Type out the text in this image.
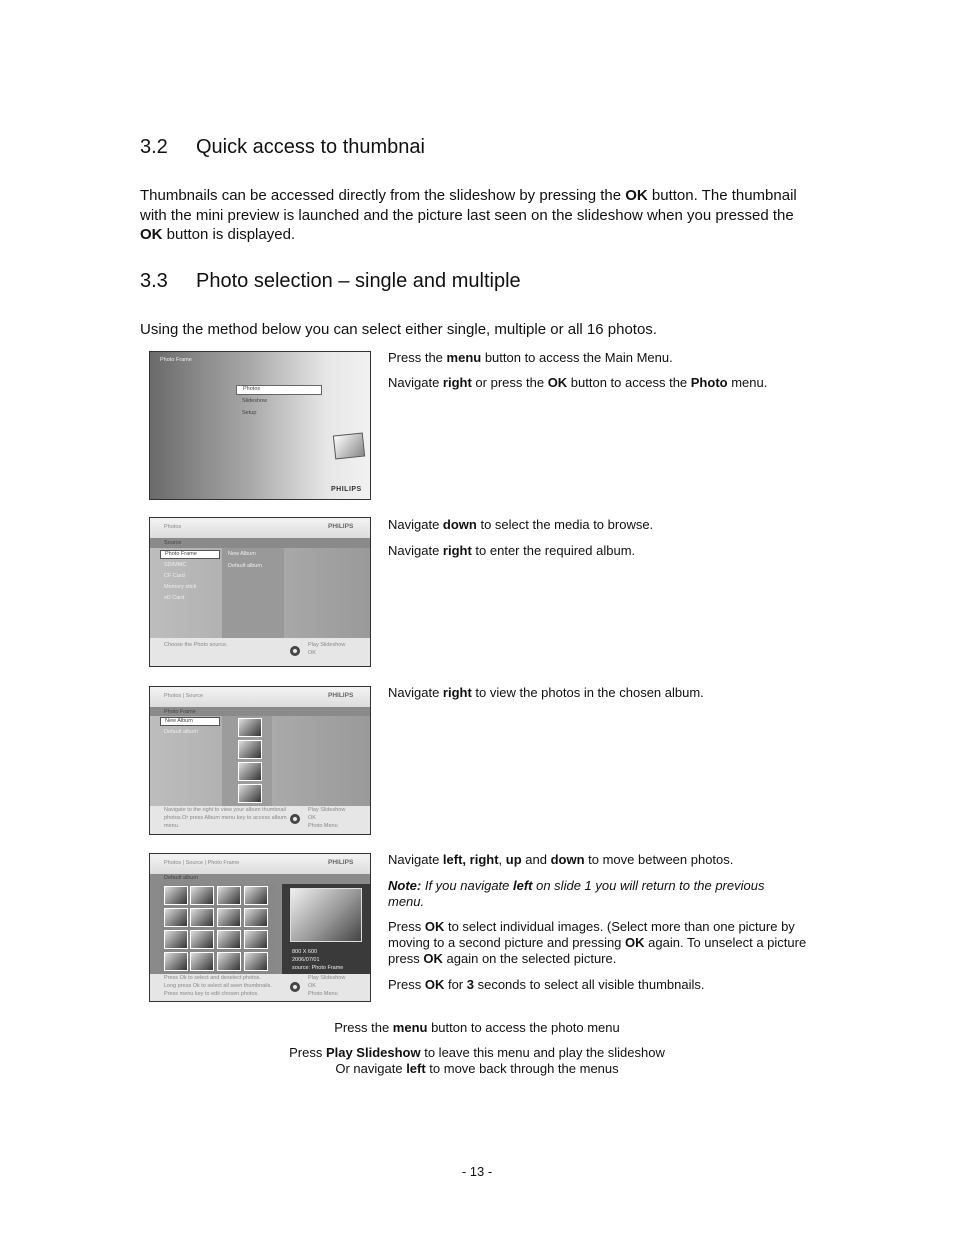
3.2 Quick access to thumbnai

Thumbnails can be accessed directly from the slideshow by pressing the OK button. The thumbnail with the mini preview is launched and the picture last seen on the slideshow when you pressed the OK button is displayed.

3.3 Photo selection – single and multiple

Using the method below you can select either single, multiple or all 16 photos.

Photo Frame
Photos
Slideshow
Setup
PHILIPS

Press the menu button to access the Main Menu.

Navigate right or press the OK button to access the Photo menu.

Photos	PHILIPS
Source
Photo Frame
SD/MMC
CF Card
Memory stick
xD Card
New Album
Default album
Choose the Photo source.	Play Slideshow
OK

Navigate down to select the media to browse.

Navigate right to enter the required album.

Photos | Source	PHILIPS
Photo Frame
New Album
Default album
Navigate to the right to view your album thumbnail
photos.Or press Album menu key to access album
menu.
Play Slideshow
OK
Photo Menu

Navigate right to view the photos in the chosen album.

Photos | Source | Photo Frame	PHILIPS
Default album
800 X 600
2006/07/01
source: Photo Frame
Press Ok to select and deselect photos.
Long press Ok to select all seen thumbnails.
Press menu key to edit chosen photos.
Play Slideshow
OK
Photo Menu

Navigate left, right, up and down to move between photos.

Note: If you navigate left on slide 1 you will return to the previous menu.

Press OK to select individual images. (Select more than one picture by moving to a second picture and pressing OK again. To unselect a picture press OK again on the selected picture.

Press OK for 3 seconds to select all visible thumbnails.

Press the menu button to access the photo menu

Press Play Slideshow to leave this menu and play the slideshow

Or navigate left to move back through the menus

- 13 -
